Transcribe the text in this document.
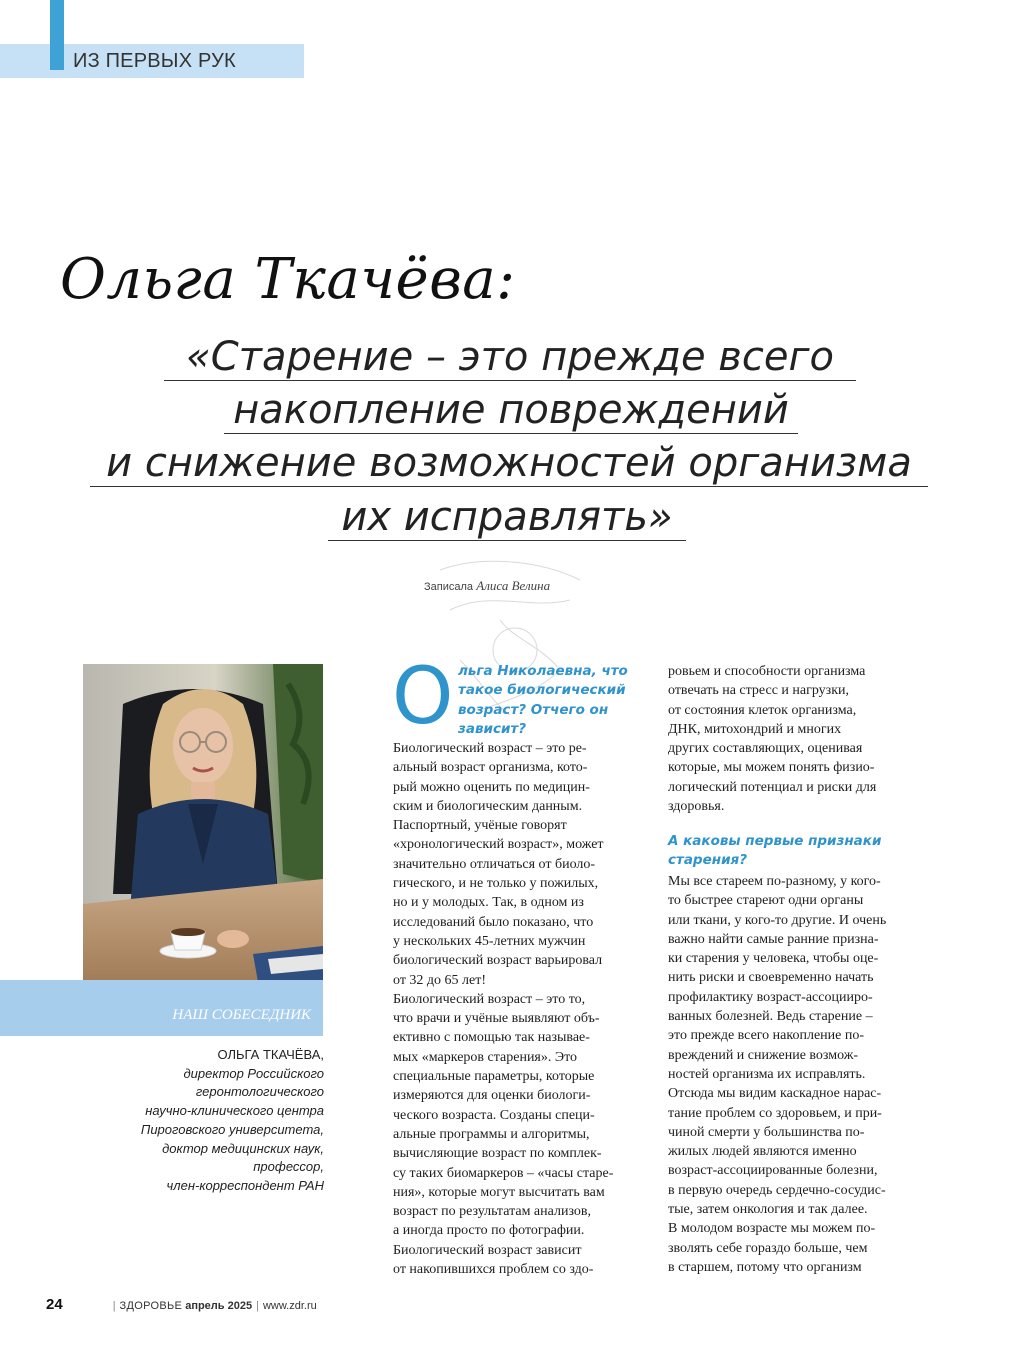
ИЗ ПЕРВЫХ РУК
Ольга Ткачёва:
«Старение – это прежде всего
накопление повреждений
и снижение возможностей организма
их исправлять»
Записала Алиса Велина
НАШ СОБЕСЕДНИК
ОЛЬГА ТКАЧЁВА,
директор Российского
геронтологического
научно-клинического центра
Пироговского университета,
доктор медицинских наук,
профессор,
член-корреспондент РАН
О льга Николаевна, что
такое биологический
возраст? Отчего он
зависит?
Биологический возраст – это ре-
альный возраст организма, кото-
рый можно оценить по медицин-
ским и биологическим данным.
Паспортный, учёные говорят
«хронологический возраст», может
значительно отличаться от биоло-
гического, и не только у пожилых,
но и у молодых. Так, в одном из
исследований было показано, что
у нескольких 45-летних мужчин
биологический возраст варьировал
от 32 до 65 лет!
Биологический возраст – это то,
что врачи и учёные выявляют объ-
ективно с помощью так называе-
мых «маркеров старения». Это
специальные параметры, которые
измеряются для оценки биологи-
ческого возраста. Созданы специ-
альные программы и алгоритмы,
вычисляющие возраст по комплек-
су таких биомаркеров – «часы старе-
ния», которые могут высчитать вам
возраст по результатам анализов,
а иногда просто по фотографии.
Биологический возраст зависит
от накопившихся проблем со здо-
ровьем и способности организма
отвечать на стресс и нагрузки,
от состояния клеток организма,
ДНК, митохондрий и многих
других составляющих, оценивая
которые, мы можем понять физио-
логический потенциал и риски для
здоровья.
А каковы первые признаки
старения?
Мы все стареем по-разному, у кого-
то быстрее стареют одни органы
или ткани, у кого-то другие. И очень
важно найти самые ранние призна-
ки старения у человека, чтобы оце-
нить риски и своевременно начать
профилактику возраст-ассоцииро-
ванных болезней. Ведь старение –
это прежде всего накопление по-
вреждений и снижение возмож-
ностей организма их исправлять.
Отсюда мы видим каскадное нарас-
тание проблем со здоровьем, и при-
чиной смерти у большинства по-
жилых людей являются именно
возраст-ассоциированные болезни,
в первую очередь сердечно-сосудис-
тые, затем онкология и так далее.
В молодом возрасте мы можем по-
зволять себе гораздо больше, чем
в старшем, потому что организм
24	| ЗДОРОВЬЕ апрель 2025 | www.zdr.ru
